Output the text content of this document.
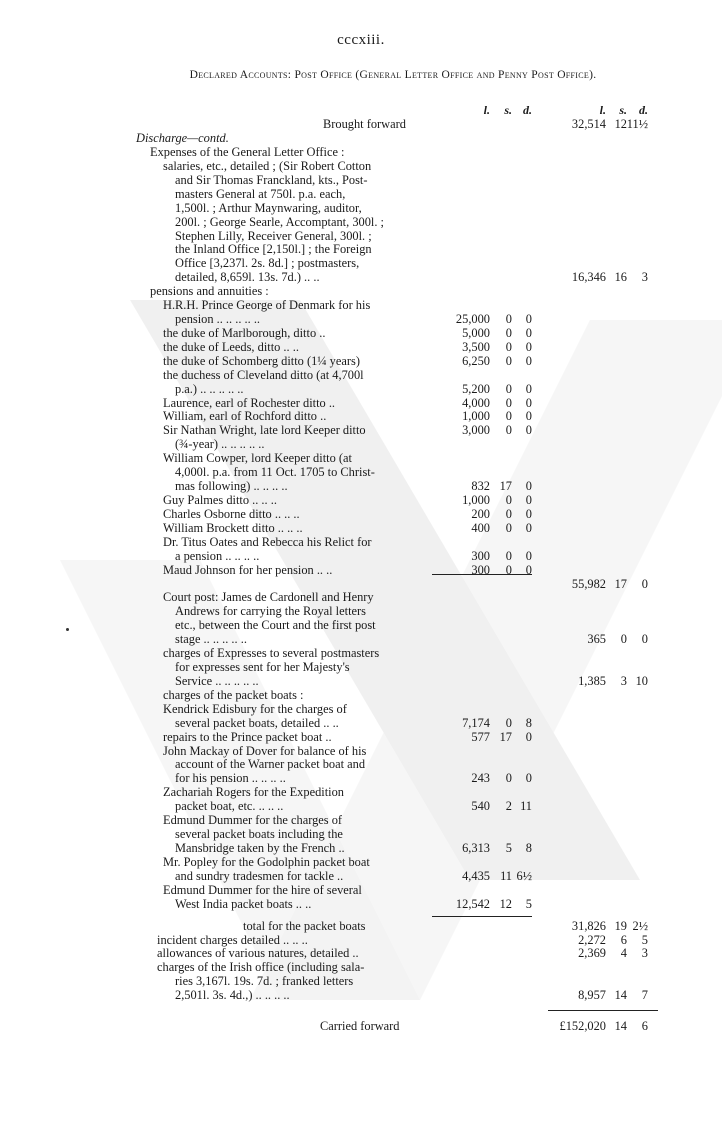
cccxiii.
Declared Accounts: Post Office (General Letter Office and Penny Post Office).
l. s. d.	l. s. d.
Brought forward	32,514 12 11½
Discharge—contd.
Expenses of the General Letter Office :
salaries, etc., detailed ; (Sir Robert Cotton
and Sir Thomas Franckland, kts., Post-
masters General at 750l. p.a. each,
1,500l. ; Arthur Maynwaring, auditor,
200l. ; George Searle, Accomptant, 300l. ;
Stephen Lilly, Receiver General, 300l. ;
the Inland Office [2,150l.] ; the Foreign
Office [3,237l. 2s. 8d.] ; postmasters,
detailed, 8,659l. 13s. 7d.) .. ..	16,346 16 3
pensions and annuities :
H.R.H. Prince George of Denmark for his
pension .. .. .. .. ..	25,000 0 0
the duke of Marlborough, ditto ..	5,000 0 0
the duke of Leeds, ditto .. ..	3,500 0 0
the duke of Schomberg ditto (1¼ years)	6,250 0 0
the duchess of Cleveland ditto (at 4,700l
p.a.) .. .. .. .. ..	5,200 0 0
Laurence, earl of Rochester ditto ..	4,000 0 0
William, earl of Rochford ditto ..	1,000 0 0
Sir Nathan Wright, late lord Keeper ditto	3,000 0 0
(¾-year) .. .. .. .. ..
William Cowper, lord Keeper ditto (at
4,000l. p.a. from 11 Oct. 1705 to Christ-
mas following) .. .. .. ..	832 17 0
Guy Palmes ditto .. .. ..	1,000 0 0
Charles Osborne ditto .. .. ..	200 0 0
William Brockett ditto .. .. ..	400 0 0
Dr. Titus Oates and Rebecca his Relict for
a pension .. .. .. ..	300 0 0
Maud Johnson for her pension .. ..	300 0 0
55,982 17 0
Court post: James de Cardonell and Henry
Andrews for carrying the Royal letters
etc., between the Court and the first post
stage .. .. .. .. ..	365 0 0
charges of Expresses to several postmasters
for expresses sent for her Majesty's
Service .. .. .. .. ..	1,385 3 10
charges of the packet boats :
Kendrick Edisbury for the charges of
several packet boats, detailed .. ..	7,174 0 8
repairs to the Prince packet boat ..	577 17 0
John Mackay of Dover for balance of his
account of the Warner packet boat and
for his pension .. .. .. ..	243 0 0
Zachariah Rogers for the Expedition
packet boat, etc. .. .. ..	540 2 11
Edmund Dummer for the charges of
several packet boats including the
Mansbridge taken by the French ..	6,313 5 8
Mr. Popley for the Godolphin packet boat
and sundry tradesmen for tackle ..	4,435 11 6½
Edmund Dummer for the hire of several
West India packet boats .. ..	12,542 12 5
total for the packet boats	31,826 19 2½
incident charges detailed .. .. ..	2,272 6 5
allowances of various natures, detailed ..	2,369 4 3
charges of the Irish office (including sala-
ries 3,167l. 19s. 7d. ; franked letters
2,501l. 3s. 4d.,) .. .. .. ..	8,957 14 7
Carried forward	£152,020 14 6
